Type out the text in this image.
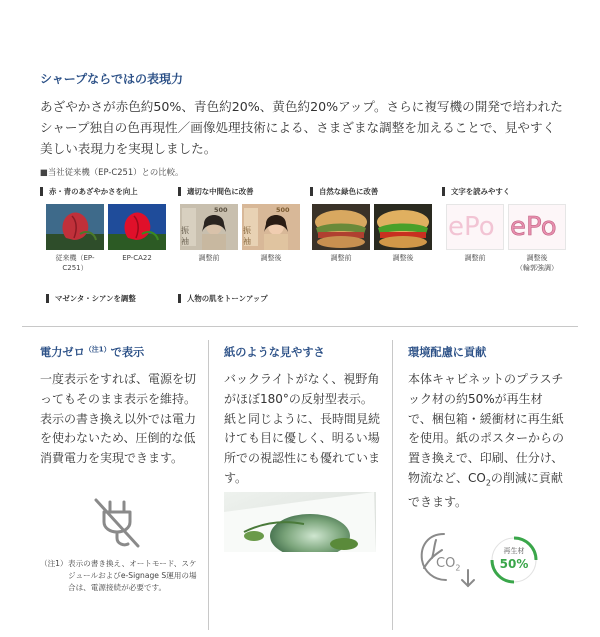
シャープならではの表現力
あざやかさが赤色約50%、青色約20%、黄色約20%アップ。さらに複写機の開発で培われたシャープ独自の色再現性／画像処理技術による、さまざまな調整を加えることで、見やすく美しい表現力を実現しました。
■当社従来機（EP-C251）との比較。
赤・青のあざやかさを向上
従来機（EP-C251）
EP-CA22
適切な中間色に改善
振
袖
500
振
袖
500
調整前	調整後
自然な緑色に改善
調整前	調整後
文字を読みやすく
ePo ePo
調整前	調整後
（輪郭強調）
マゼンタ・シアンを調整	人物の肌をトーンアップ
電力ゼロ$^{(注1)}$で表示
一度表示をすれば、電源を切ってもそのまま表示を維持。表示の書き換え以外では電力を使わないため、圧倒的な低消費電力を実現できます。
（注1） 表示の書き換え、オートモード、スケジュールおよびe-Signage S運用の場合は、電源接続が必要です。
紙のような見やすさ
バックライトがなく、視野角がほぼ180°の反射型表示。紙と同じように、長時間見続けても目に優しく、明るい場所での視認性にも優れています。
環境配慮に貢献
本体キャビネットのプラスチック材の約50%が再生材で、梱包箱・緩衝材に再生紙を使用。紙のポスターからの置き換えで、印刷、仕分け、物流など、$CO_2$の削減に貢献できます。
$CO_2$
再生材
50%
